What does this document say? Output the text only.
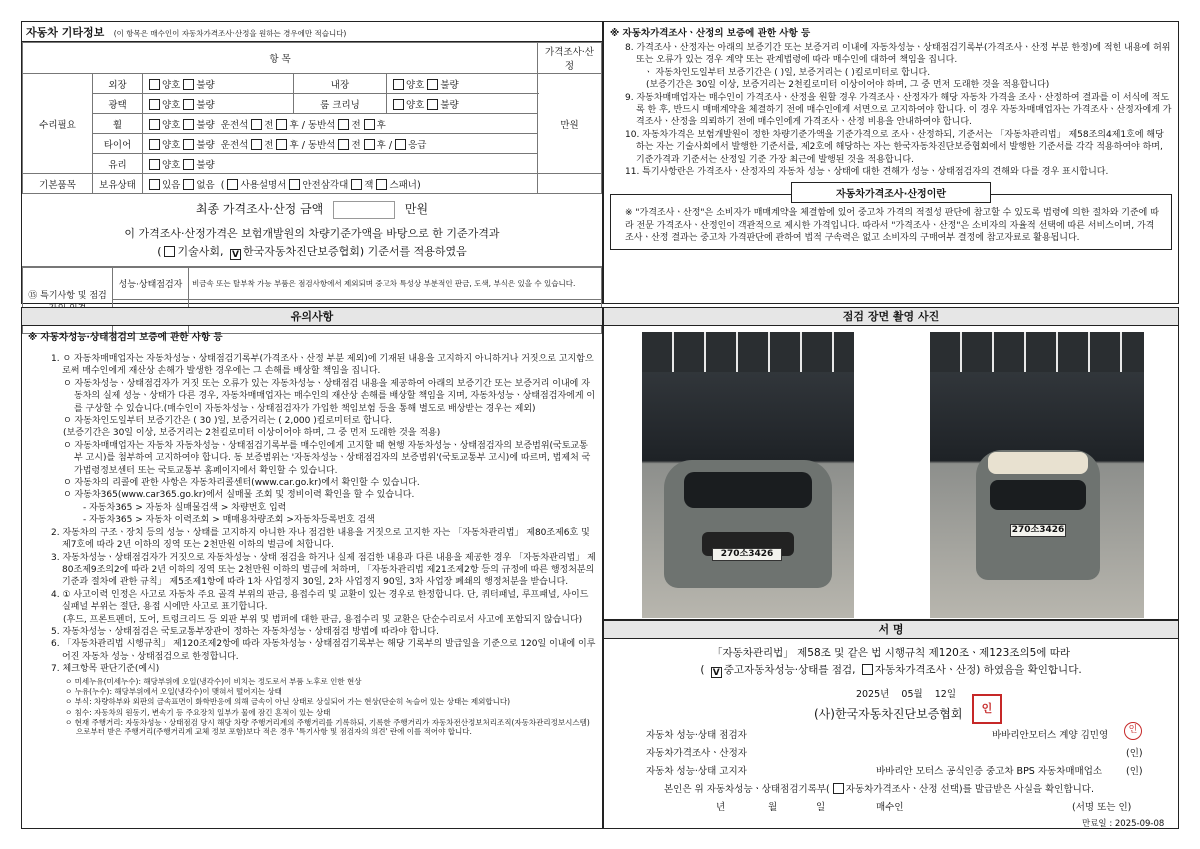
자동차 기타정보 (이 항목은 매수인이 자동차가격조사·산정을 원하는 경우에만 적습니다)
항 목					가격조사·산정
수리필요	외장	양호 불량	내장	양호 불량	만원
	광택	양호 불량	룸 크리닝	양호 불량	
	휠	양호 불량 운전석 전 후 / 동반석 전 후			
	타이어	양호 불량 운전석 전 후 / 동반석 전 후 / 응급			
	유리	양호 불량			
기본품목	보유상태	있음 없음 ( 사용설명서 안전삼각대 잭 스패너)			
최종 가격조사·산정 금액	만원
이 가격조사·산정가격은 보험개발원의 차량기준가액을 바탕으로 한 기준가격과
( 기술사회, V 한국자동차진단보증협회) 기준서를 적용하였음
⑮ 특기사항 및 점검	성능·상태점검자	비금속 또는 탈부착 가능 부품은 점검사항에서 제외되며 중고차 특성상 부분적인 판금, 도색, 부식은 있을 수 있습니다.

※ 자동차가격조사ㆍ산정의 보증에 관한 사항 등
8. 가격조사ㆍ산정자는 아래의 보증기간 또는 보증거리 이내에 자동차성능ㆍ상태점검기록부(가격조사ㆍ산정 부분 한정)에 적힌 내용에 허위 또는 오류가 있는 경우 계약 또는 관계법령에 따라 매수인에 대하여 책임을 집니다.
ㆍ 자동차인도일부터 보증기간은 ( )일, 보증거리는 ( )킬로미터로 합니다.
(보증기간은 30일 이상, 보증거리는 2천킬로미터 이상이어야 하며, 그 중 먼저 도래한 것을 적용합니다)
9. 자동차매매업자는 매수인이 가격조사ㆍ산정을 원할 경우 가격조사ㆍ산정자가 해당 자동차 가격을 조사ㆍ산정하여 결과를 이 서식에 적도록 한 후, 반드시 매매계약을 체결하기 전에 매수인에게 서면으로 고지하여야 합니다. 이 경우 자동차매매업자는 가격조사ㆍ산정자에게 가격조사ㆍ산정을 의뢰하기 전에 매수인에게 가격조사ㆍ산정 비용을 안내하여야 합니다.
10. 자동차가격은 보험개발원이 정한 차량기준가액을 기준가격으로 조사ㆍ산정하되, 기준서는 「자동차관리법」 제58조의4제1호에 해당하는 자는 기술사회에서 발행한 기준서를, 제2호에 해당하는 자는 한국자동차진단보증협회에서 발행한 기준서를 각각 적용하여야 하며, 기준가격과 기준서는 산정일 기준 가장 최근에 발행된 것을 적용합니다.
11. 특기사항란은 가격조사ㆍ산정자의 자동차 성능ㆍ상태에 대한 견해가 성능ㆍ상태점검자의 견해와 다를 경우 표시합니다.
자동차가격조사·산정이란
※ "가격조사ㆍ산정"은 소비자가 매매계약을 체결함에 있어 중고차 가격의 적절성 판단에 참고할 수 있도록 법령에 의한 절차와 기준에 따라 전문 가격조사ㆍ산정인이 객관적으로 제시한 가격입니다. 따라서 "가격조사ㆍ산정"은 소비자의 자율적 선택에 따른 서비스이며, 가격조사ㆍ산정 결과는 중고차 가격판단에 관하여 법적 구속력은 없고 소비자의 구매여부 결정에 참고자료로 활용됩니다.
유의사항
※ 자동차성능·상태점검의 보증에 관한 사항 등
1. ㅇ 자동차매매업자는 자동차성능ㆍ상태점검기록부(가격조사ㆍ산정 부분 제외)에 기재된 내용을 고지하지 아니하거나 거짓으로 고지함으로써 매수인에게 재산상 손해가 발생한 경우에는 그 손해를 배상할 책임을 집니다.
ㅇ 자동차성능ㆍ상태점검자가 거짓 또는 오류가 있는 자동차성능ㆍ상태점검 내용을 제공하여 아래의 보증기간 또는 보증거리 이내에 자동차의 실제 성능ㆍ상태가 다른 경우, 자동차매매업자는 매수인의 재산상 손해를 배상할 책임을 지며, 자동차성능ㆍ상태점검자에게 이를 구상할 수 있습니다.(매수인이 자동차성능ㆍ상태점검자가 가입한 책임보험 등을 통해 별도로 배상받는 경우는 제외)
ㅇ 자동차인도일부터 보증기간은 ( 30 )일, 보증거리는 ( 2,000 )킬로미터로 합니다.
(보증기간은 30일 이상, 보증거리는 2천킬로미터 이상이어야 하며, 그 중 먼저 도래한 것을 적용)
ㅇ 자동차매매업자는 자동차 자동차성능ㆍ상태점검기록부를 매수인에게 고지할 때 현행 자동차성능ㆍ상태점검자의 보증범위(국토교통부 고시)를 첨부하여 고지하여야 합니다. 동 보증범위는 '자동차성능ㆍ상태점검자의 보증범위'(국토교통부 고시)에 따르며, 법제처 국가법령정보센터 또는 국토교통부 홈페이지에서 확인할 수 있습니다.
ㅇ 자동차의 리콜에 관한 사항은 자동차리콜센터(www.car.go.kr)에서 확인할 수 있습니다.
ㅇ 자동차365(www.car365.go.kr)에서 실매물 조회 및 정비이력 확인을 할 수 있습니다.
- 자동차365 > 자동차 실매물검색 > 차량번호 입력
- 자동차365 > 자동차 이력조회 > 매매용차량조회 >자동차등록번호 검색
2. 자동차의 구조ㆍ장치 등의 성능ㆍ상태를 고지하지 아니한 자나 점검한 내용을 거짓으로 고지한 자는 「자동차관리법」 제80조제6호 및 제7호에 따라 2년 이하의 징역 또는 2천만원 이하의 벌금에 처합니다.
3. 자동차성능ㆍ상태점검자가 거짓으로 자동차성능ㆍ상태 점검을 하거나 실제 점검한 내용과 다른 내용을 제공한 경우 「자동차관리법」 제80조제9조의2에 따라 2년 이하의 징역 또는 2천만원 이하의 벌금에 처하며, 「자동차관리법 제21조제2항 등의 규정에 따른 행정처분의 기준과 절차에 관한 규칙」 제5조제1항에 따라 1차 사업정지 30일, 2차 사업정지 90일, 3차 사업장 폐쇄의 행정처분을 받습니다.
4. ① 사고이력 인정은 사고로 자동차 주요 골격 부위의 판금, 용접수리 및 교환이 있는 경우로 한정합니다. 단, 쿼터패널, 루프패널, 사이드실패널 부위는 절단, 용접 시에만 사고로 표기합니다.
(후드, 프론트펜더, 도어, 트렁크리드 등 외판 부위 및 범퍼에 대한 판금, 용접수리 및 교환은 단순수리로서 사고에 포함되지 않습니다)
5. 자동차성능ㆍ상태점검은 국토교통부장관이 정하는 자동차성능ㆍ상태점검 방법에 따라야 합니다.
6. 「자동차관리법 시행규칙」 제120조제2항에 따라 자동차성능ㆍ상태점검기록부는 해당 기록부의 발급일을 기준으로 120일 이내에 이루어진 자동차 성능ㆍ상태점검으로 한정합니다.
7. 체크항목 판단기준(예시)
ㅇ 미세누유(미세누수): 해당부위에 오일(냉각수)이 비치는 정도로서 부품 노후로 인한 현상
ㅇ 누유(누수): 해당부위에서 오일(냉각수)이 맺혀서 떨어지는 상태
ㅇ 부식: 차량하부와 외판의 금속표면이 화학반응에 의해 금속이 아닌 상태로 상실되어 가는 현상(단순히 녹슬어 있는 상태는 제외합니다)
ㅇ 침수: 자동차의 원동기, 변속기 등 주요장치 일부가 물에 잠긴 흔적이 있는 상태
ㅇ 현재 주행거리: 자동차성능ㆍ상태점검 당시 해당 차량 주행거리계의 주행거리를 기록하되, 기록한 주행거리가 자동차전산정보처리조직(자동차관리정보시스템)으로부터 받은 주행거리(주행거리계 교체 정보 포함)보다 적은 경우 '특기사항 및 점검자의 의견' 란에 이를 적어야 합니다.
점검 장면 촬영 사진
270소3426
270소3426
서 명
「자동차관리법」 제58조 및 같은 법 시행규칙 제120조ㆍ제123조의5에 따라
( V 중고자동차성능·상태를 점검, 자동차가격조사ㆍ산정) 하였음을 확인합니다.
2025년 05월 12일
(사)한국자동차진단보증협회	인
자동차 성능·상태 점검자	바바리안모터스 계양 김민영	인
자동차가격조사ㆍ산정자	(인)
자동차 성능·상태 고지자	바바리안 모터스 공식인증 중고차 BPS 자동차매매업소	(인)
본인은 위 자동차성능ㆍ상태점검기록부( 자동차가격조사ㆍ산정 선택)를 발급받은 사실을 확인합니다.
년	월	일	매수인	(서명 또는 인)
만료일 : 2025-09-08
